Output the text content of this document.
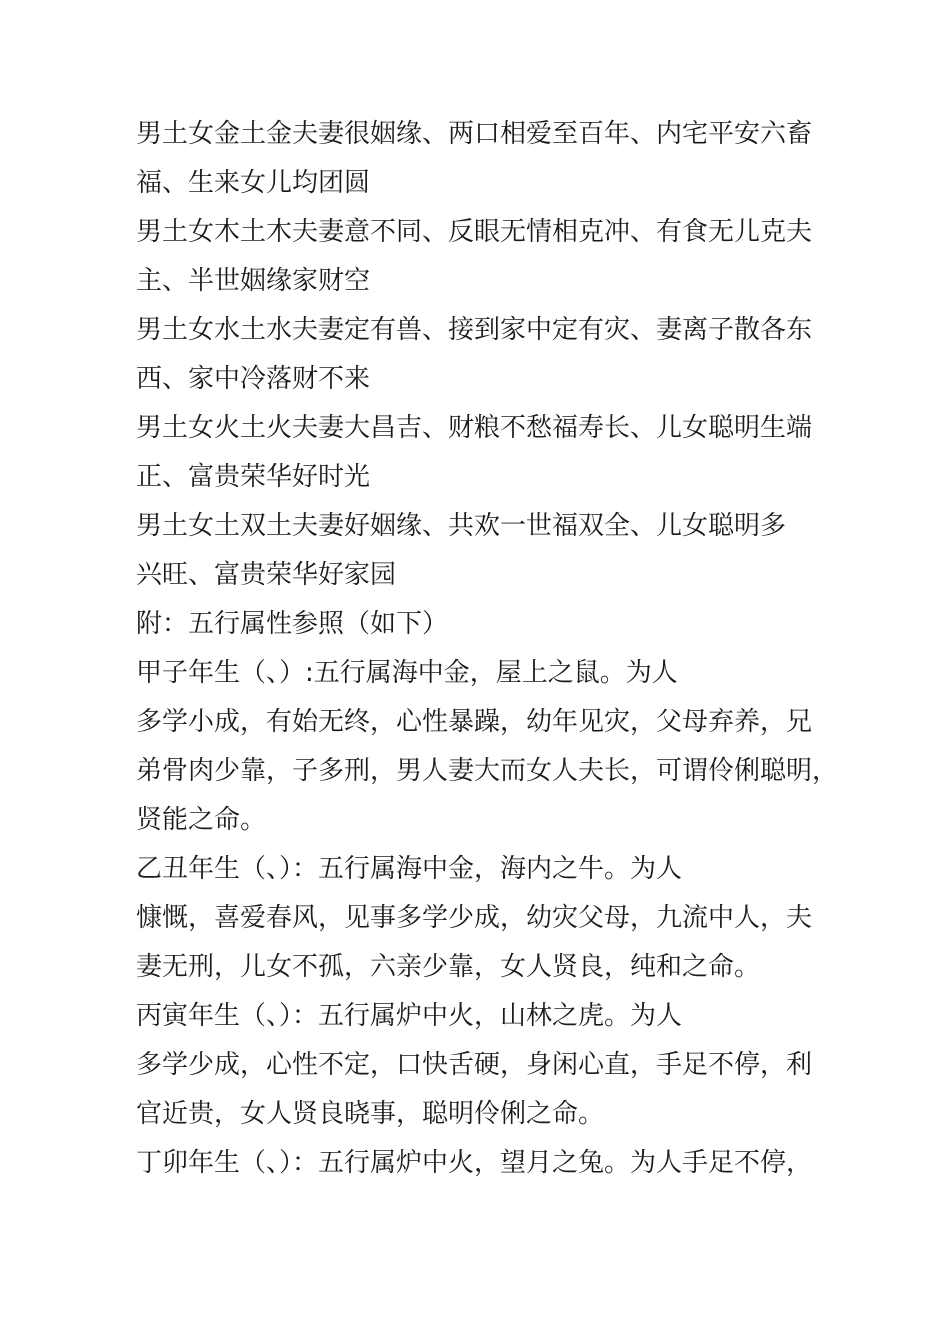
男土女金土金夫妻很姻缘、两口相爱至百年、内宅平安六畜
福、生来女儿均团圆
男土女木土木夫妻意不同、反眼无情相克冲、有食无儿克夫
主、半世姻缘家财空
男土女水土水夫妻定有兽、接到家中定有灾、妻离子散各东
西、家中冷落财不来
男土女火土火夫妻大昌吉、财粮不愁福寿长、儿女聪明生端
正、富贵荣华好时光
男土女土双土夫妻好姻缘、共欢一世福双全、儿女聪明多
兴旺、富贵荣华好家园
附：五行属性参照（如下）
甲子年生（、）:五行属海中金，屋上之鼠。为人
多学小成，有始无终，心性暴躁，幼年见灾，父母弃养，兄
弟骨肉少靠，子多刑，男人妻大而女人夫长，可谓伶俐聪明，
贤能之命。
乙丑年生（、）：五行属海中金，海内之牛。为人
慷慨，喜爱春风，见事多学少成，幼灾父母，九流中人，夫
妻无刑，儿女不孤，六亲少靠，女人贤良，纯和之命。
丙寅年生（、）：五行属炉中火，山林之虎。为人
多学少成，心性不定，口快舌硬，身闲心直，手足不停，利
官近贵，女人贤良晓事，聪明伶俐之命。
丁卯年生（、）：五行属炉中火，望月之兔。为人手足不停，
